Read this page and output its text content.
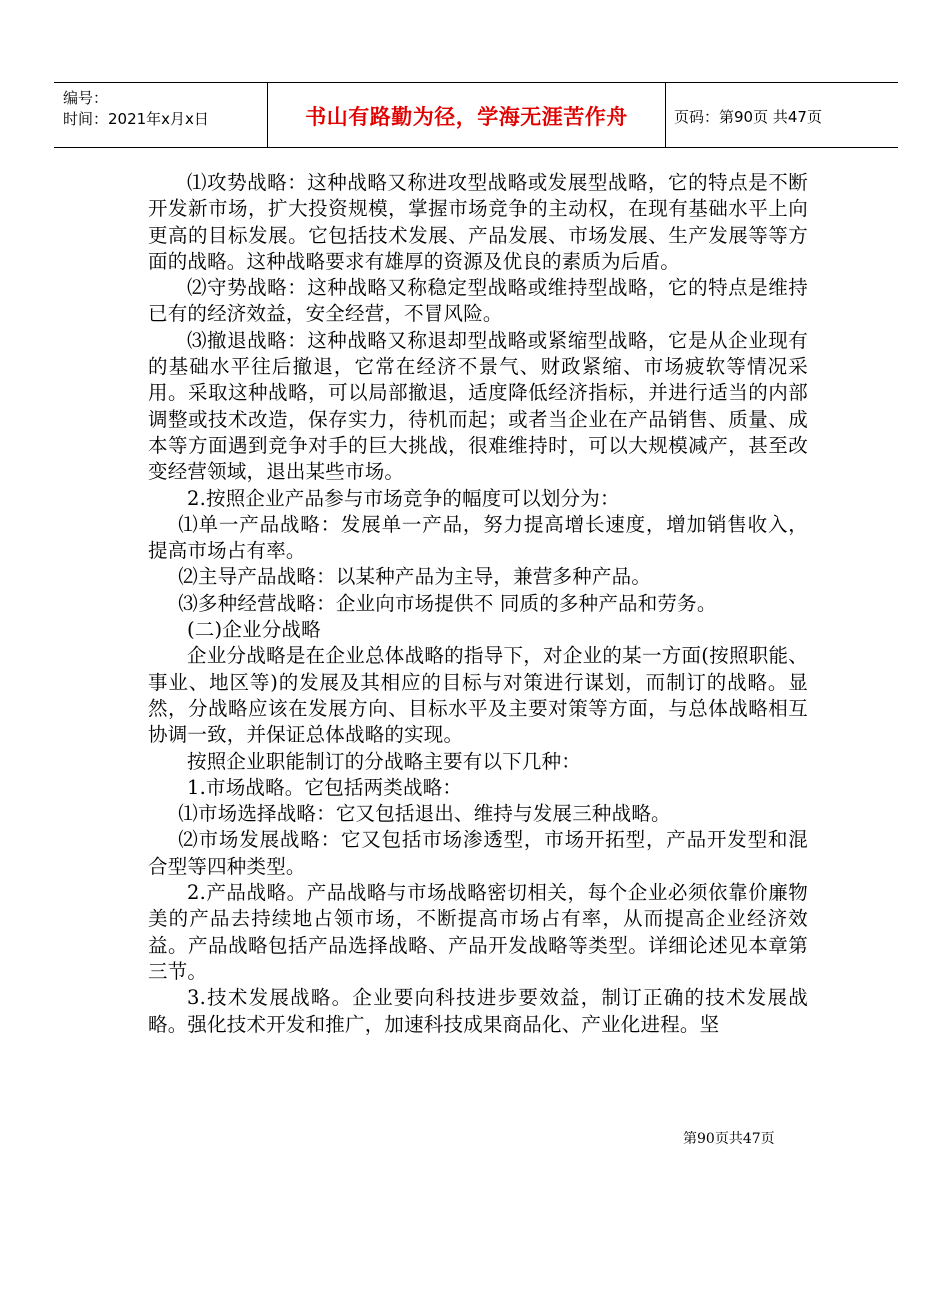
编号：
时间：2021年x月x日	书山有路勤为径，学海无涯苦作舟	页码：第90页 共47页

⑴攻势战略：这种战略又称进攻型战略或发展型战略，它的特点是不断开发新市场，扩大投资规模，掌握市场竞争的主动权，在现有基础水平上向更高的目标发展。它包括技术发展、产品发展、市场发展、生产发展等等方面的战略。这种战略要求有雄厚的资源及优良的素质为后盾。

⑵守势战略：这种战略又称稳定型战略或维持型战略，它的特点是维持已有的经济效益，安全经营，不冒风险。

⑶撤退战略：这种战略又称退却型战略或紧缩型战略，它是从企业现有的基础水平往后撤退，它常在经济不景气、财政紧缩、市场疲软等情况采用。采取这种战略，可以局部撤退，适度降低经济指标，并进行适当的内部调整或技术改造，保存实力，待机而起；或者当企业在产品销售、质量、成本等方面遇到竞争对手的巨大挑战，很难维持时，可以大规模减产，甚至改变经营领域，退出某些市场。

2.按照企业产品参与市场竞争的幅度可以划分为：

⑴单一产品战略：发展单一产品，努力提高增长速度，增加销售收入，提高市场占有率。

⑵主导产品战略：以某种产品为主导，兼营多种产品。

⑶多种经营战略：企业向市场提供不 同质的多种产品和劳务。

(二)企业分战略

企业分战略是在企业总体战略的指导下，对企业的某一方面(按照职能、事业、地区等)的发展及其相应的目标与对策进行谋划，而制订的战略。显然，分战略应该在发展方向、目标水平及主要对策等方面，与总体战略相互协调一致，并保证总体战略的实现。

按照企业职能制订的分战略主要有以下几种：

1.市场战略。它包括两类战略：

⑴市场选择战略：它又包括退出、维持与发展三种战略。

⑵市场发展战略：它又包括市场渗透型，市场开拓型，产品开发型和混合型等四种类型。

2.产品战略。产品战略与市场战略密切相关，每个企业必须依靠价廉物美的产品去持续地占领市场，不断提高市场占有率，从而提高企业经济效益。产品战略包括产品选择战略、产品开发战略等类型。详细论述见本章第三节。

3.技术发展战略。企业要向科技进步要效益，制订正确的技术发展战略。强化技术开发和推广，加速科技成果商品化、产业化进程。坚

第90页共47页
